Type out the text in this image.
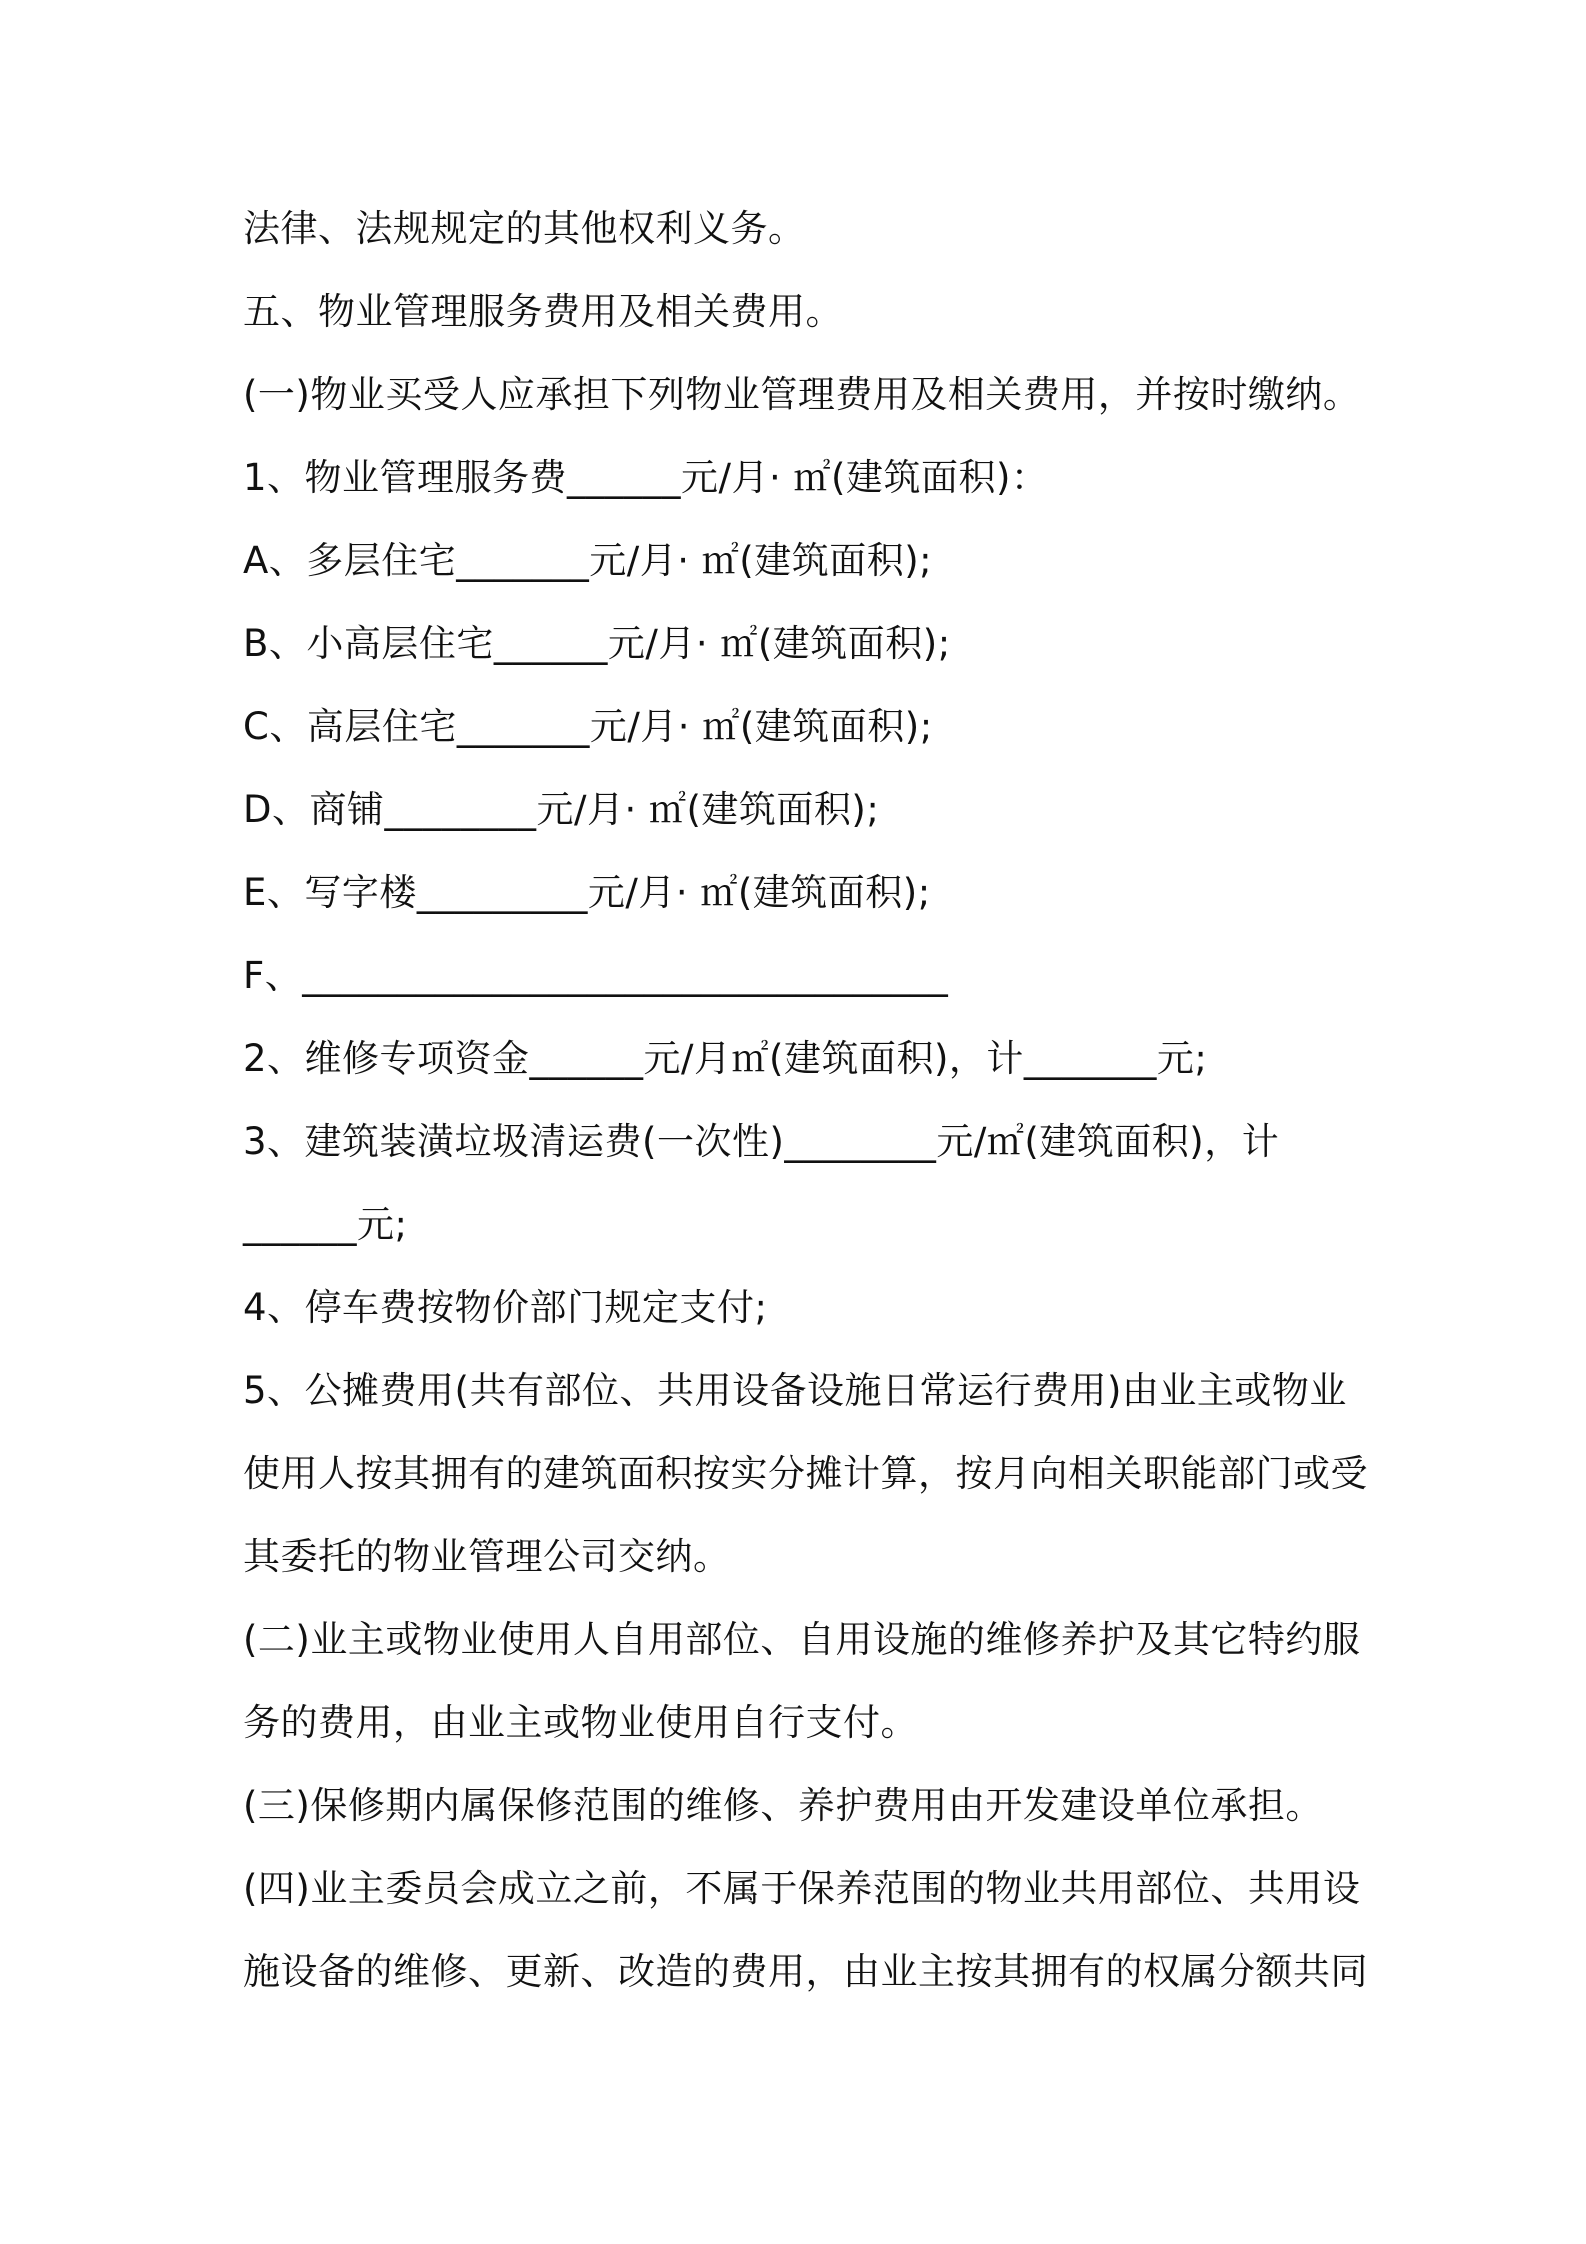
法律、法规规定的其他权利义务。
五、物业管理服务费用及相关费用。
(一)物业买受人应承担下列物业管理费用及相关费用，并按时缴纳。
1、物业管理服务费______元/月· ㎡(建筑面积)：
A、多层住宅_______元/月· ㎡(建筑面积);
B、小高层住宅______元/月· ㎡(建筑面积);
C、高层住宅_______元/月· ㎡(建筑面积);
D、商铺________元/月· ㎡(建筑面积);
E、写字楼_________元/月· ㎡(建筑面积);
F、__________________________________
2、维修专项资金______元/月㎡(建筑面积)，计_______元;
3、建筑装潢垃圾清运费(一次性)________元/㎡(建筑面积)，计
______元;
4、停车费按物价部门规定支付;
5、公摊费用(共有部位、共用设备设施日常运行费用)由业主或物业
使用人按其拥有的建筑面积按实分摊计算，按月向相关职能部门或受
其委托的物业管理公司交纳。
(二)业主或物业使用人自用部位、自用设施的维修养护及其它特约服
务的费用，由业主或物业使用自行支付。
(三)保修期内属保修范围的维修、养护费用由开发建设单位承担。
(四)业主委员会成立之前，不属于保养范围的物业共用部位、共用设
施设备的维修、更新、改造的费用，由业主按其拥有的权属分额共同
